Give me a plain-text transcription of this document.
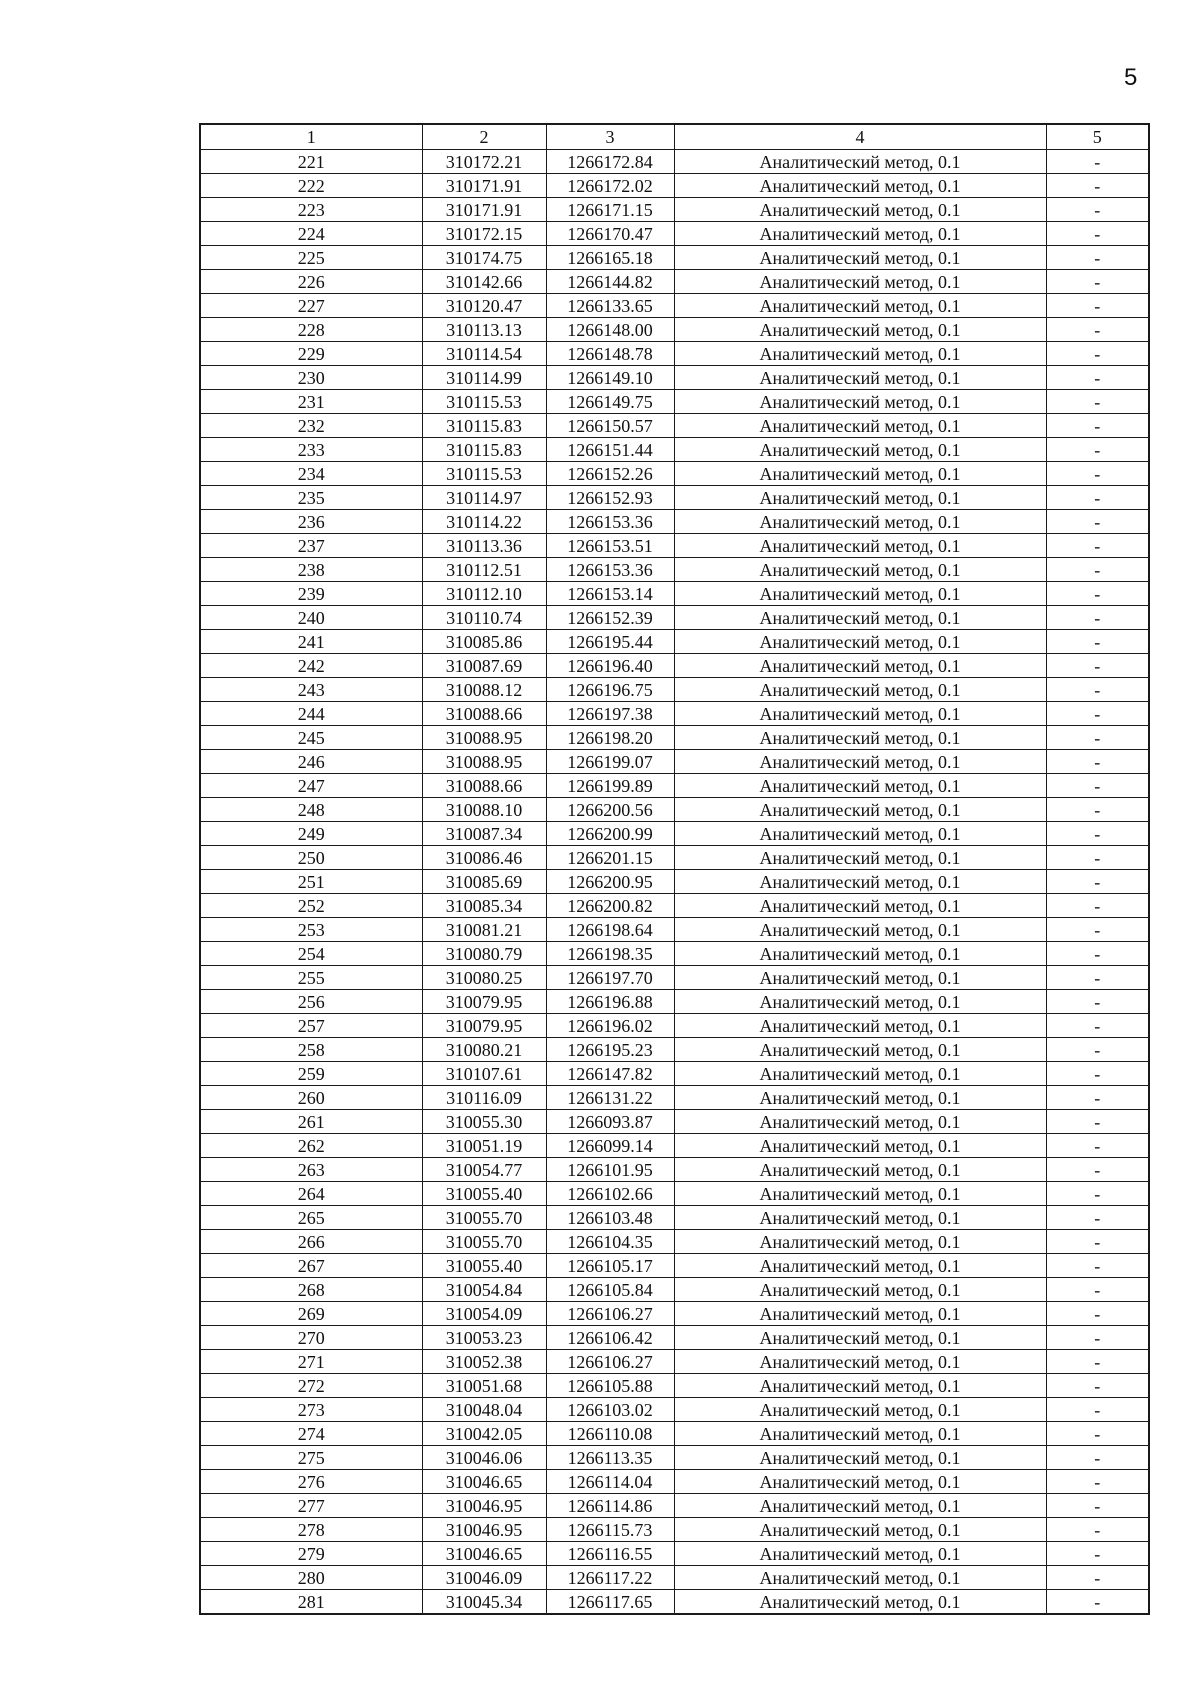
5
1	2	3	4	5
221	310172.21	1266172.84	Аналитический метод, 0.1	-
222	310171.91	1266172.02	Аналитический метод, 0.1	-
223	310171.91	1266171.15	Аналитический метод, 0.1	-
224	310172.15	1266170.47	Аналитический метод, 0.1	-
225	310174.75	1266165.18	Аналитический метод, 0.1	-
226	310142.66	1266144.82	Аналитический метод, 0.1	-
227	310120.47	1266133.65	Аналитический метод, 0.1	-
228	310113.13	1266148.00	Аналитический метод, 0.1	-
229	310114.54	1266148.78	Аналитический метод, 0.1	-
230	310114.99	1266149.10	Аналитический метод, 0.1	-
231	310115.53	1266149.75	Аналитический метод, 0.1	-
232	310115.83	1266150.57	Аналитический метод, 0.1	-
233	310115.83	1266151.44	Аналитический метод, 0.1	-
234	310115.53	1266152.26	Аналитический метод, 0.1	-
235	310114.97	1266152.93	Аналитический метод, 0.1	-
236	310114.22	1266153.36	Аналитический метод, 0.1	-
237	310113.36	1266153.51	Аналитический метод, 0.1	-
238	310112.51	1266153.36	Аналитический метод, 0.1	-
239	310112.10	1266153.14	Аналитический метод, 0.1	-
240	310110.74	1266152.39	Аналитический метод, 0.1	-
241	310085.86	1266195.44	Аналитический метод, 0.1	-
242	310087.69	1266196.40	Аналитический метод, 0.1	-
243	310088.12	1266196.75	Аналитический метод, 0.1	-
244	310088.66	1266197.38	Аналитический метод, 0.1	-
245	310088.95	1266198.20	Аналитический метод, 0.1	-
246	310088.95	1266199.07	Аналитический метод, 0.1	-
247	310088.66	1266199.89	Аналитический метод, 0.1	-
248	310088.10	1266200.56	Аналитический метод, 0.1	-
249	310087.34	1266200.99	Аналитический метод, 0.1	-
250	310086.46	1266201.15	Аналитический метод, 0.1	-
251	310085.69	1266200.95	Аналитический метод, 0.1	-
252	310085.34	1266200.82	Аналитический метод, 0.1	-
253	310081.21	1266198.64	Аналитический метод, 0.1	-
254	310080.79	1266198.35	Аналитический метод, 0.1	-
255	310080.25	1266197.70	Аналитический метод, 0.1	-
256	310079.95	1266196.88	Аналитический метод, 0.1	-
257	310079.95	1266196.02	Аналитический метод, 0.1	-
258	310080.21	1266195.23	Аналитический метод, 0.1	-
259	310107.61	1266147.82	Аналитический метод, 0.1	-
260	310116.09	1266131.22	Аналитический метод, 0.1	-
261	310055.30	1266093.87	Аналитический метод, 0.1	-
262	310051.19	1266099.14	Аналитический метод, 0.1	-
263	310054.77	1266101.95	Аналитический метод, 0.1	-
264	310055.40	1266102.66	Аналитический метод, 0.1	-
265	310055.70	1266103.48	Аналитический метод, 0.1	-
266	310055.70	1266104.35	Аналитический метод, 0.1	-
267	310055.40	1266105.17	Аналитический метод, 0.1	-
268	310054.84	1266105.84	Аналитический метод, 0.1	-
269	310054.09	1266106.27	Аналитический метод, 0.1	-
270	310053.23	1266106.42	Аналитический метод, 0.1	-
271	310052.38	1266106.27	Аналитический метод, 0.1	-
272	310051.68	1266105.88	Аналитический метод, 0.1	-
273	310048.04	1266103.02	Аналитический метод, 0.1	-
274	310042.05	1266110.08	Аналитический метод, 0.1	-
275	310046.06	1266113.35	Аналитический метод, 0.1	-
276	310046.65	1266114.04	Аналитический метод, 0.1	-
277	310046.95	1266114.86	Аналитический метод, 0.1	-
278	310046.95	1266115.73	Аналитический метод, 0.1	-
279	310046.65	1266116.55	Аналитический метод, 0.1	-
280	310046.09	1266117.22	Аналитический метод, 0.1	-
281	310045.34	1266117.65	Аналитический метод, 0.1	-
